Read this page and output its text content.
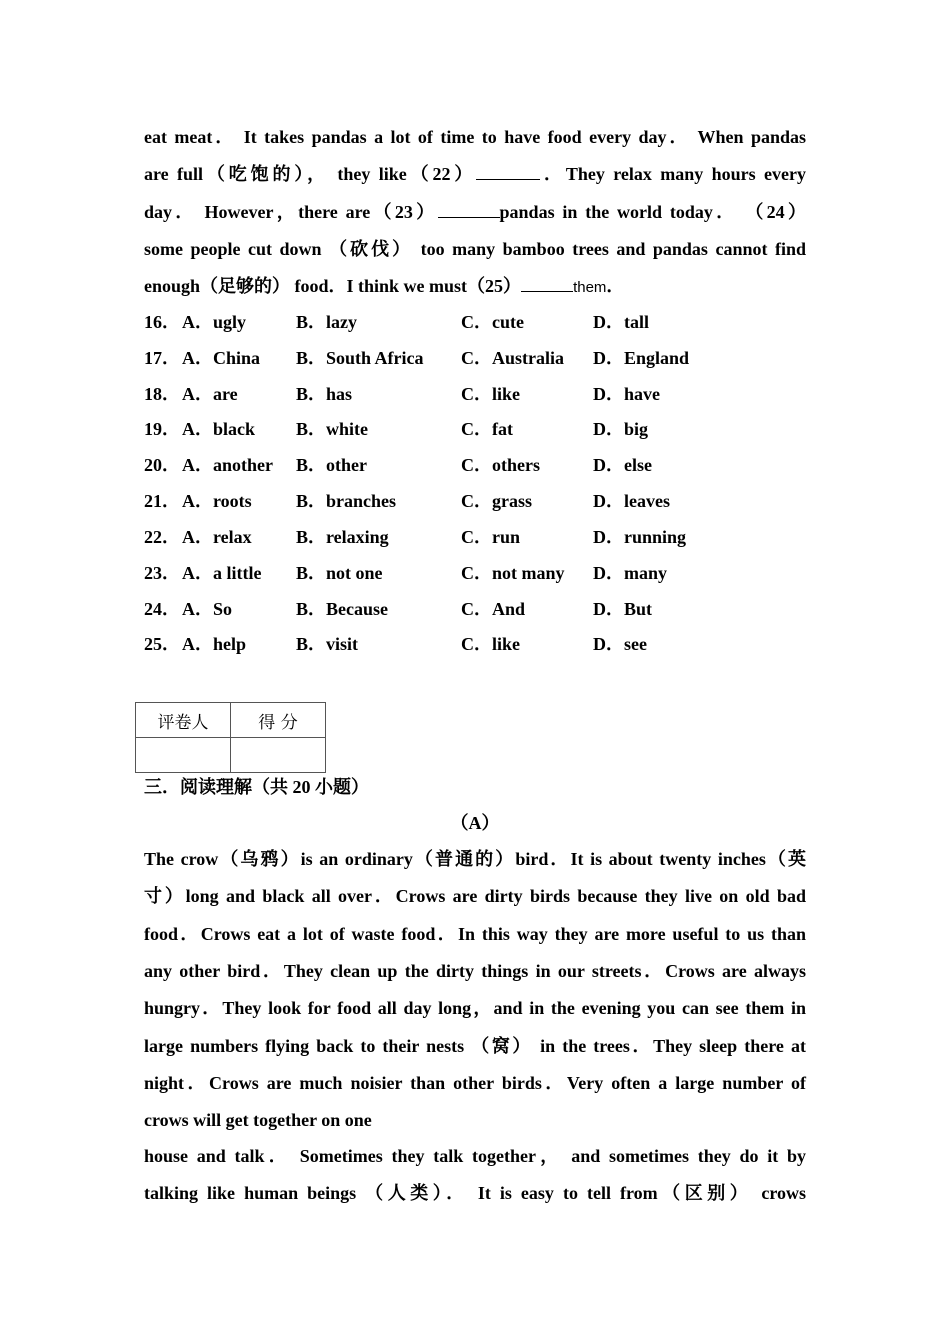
eat meat． It takes pandas a lot of time to have food every day． When pandas
are full（吃饱的）， they like（22）	．They relax many hours every
day． However，there are（23）	pandas in the world today． （24）
some people cut down （砍伐） too many bamboo trees and pandas cannot find
enough（足够的） food．I think we must（25）	them．
16． A．ugly	B．lazy	C．cute	D．tall
17． A．China B．South Africa C．Australia D．England
18． A．are	B．has	C．like	D．have
19． A．black B．white	C．fat	D．big
20． A．another B．other	C．others	D．else
21． A．roots B．branches	C．grass	D．leaves
22． A．relax B．relaxing	C．run	D．running
23． A．a little B．not one	C．not many D．many
24． A．So	B．Because	C．And	D．But
25． A．help	B．visit	C．like	D．see
评卷人	得 分

三．阅读理解（共 20 小题）
（A）
The crow（乌鸦）is an ordinary（普通的）bird．It is about twenty inches（英
寸）long and black all over．Crows are dirty birds because they live on old bad
food．Crows eat a lot of waste food．In this way they are more useful to us than
any other bird．They clean up the dirty things in our streets．Crows are always
hungry．They look for food all day long，and in the evening you can see them in
large numbers flying back to their nests （窝） in the trees．They sleep there at
night．Crows are much noisier than other birds．Very often a large number of
crows will get together on one
house and talk． Sometimes they talk together， and sometimes they do it by
talking like human beings （人类）． It is easy to tell from（区别） crows
